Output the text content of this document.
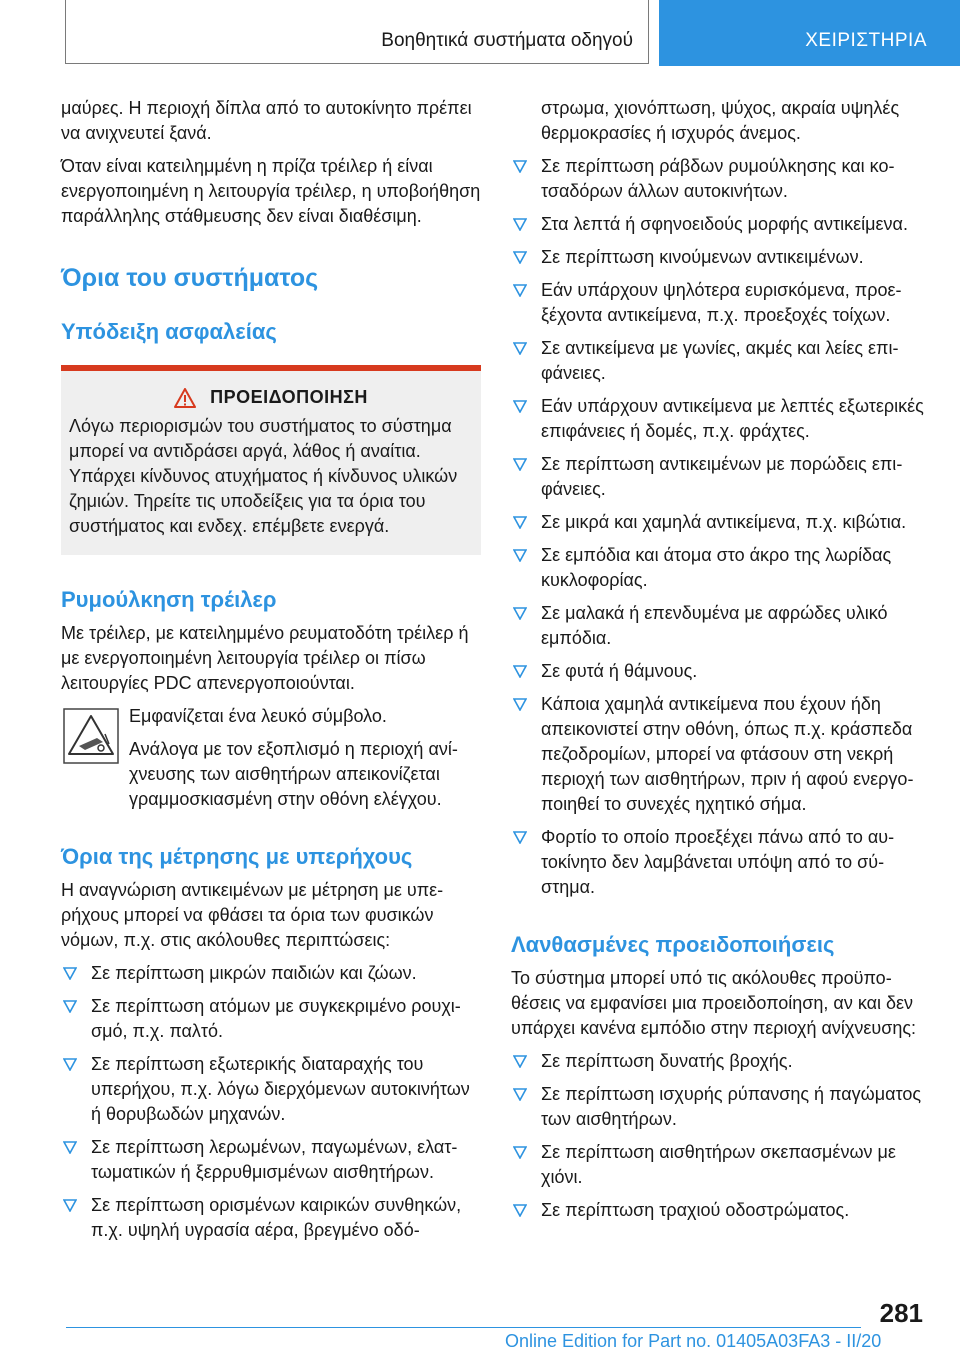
Βοηθητικά συστήματα οδηγού	ΧΕΙΡΙΣΤΗΡΙΑ

μαύρες. Η περιοχή δίπλα από το αυτοκίνητο πρέπει να ανιχνευτεί ξανά.

Όταν είναι κατειλημμένη η πρίζα τρέιλερ ή είναι ενεργοποιημένη η λειτουργία τρέιλερ, η υποβοήθηση παράλληλης στάθμευσης δεν είναι διαθέσιμη.

Όρια του συστήματος
Υπόδειξη ασφαλείας
ΠΡΟΕΙΔΟΠΟΙΗΣΗ

Λόγω περιορισμών του συστήματος το σύστημα μπορεί να αντιδράσει αργά, λάθος ή αναίτια. Υπάρχει κίνδυνος ατυχήματος ή κίνδυνος υλικών ζημιών. Τηρείτε τις υποδείξεις για τα όρια του συστήματος και ενδεχ. επέμβετε ενεργά.

Ρυμούλκηση τρέιλερ

Με τρέιλερ, με κατειλημμένο ρευματοδότη τρέιλερ ή με ενεργοποιημένη λειτουργία τρέιλερ οι πίσω λειτουργίες PDC απενεργοποιούνται.

Εμφανίζεται ένα λευκό σύμβολο.

Ανάλογα με τον εξοπλισμό η περιοχή ανίχνευσης των αισθητήρων απεικονίζεται γραμμοσκιασμένη στην οθόνη ελέγχου.

Όρια της μέτρησης με υπερήχους

Η αναγνώριση αντικειμένων με μέτρηση με υπερήχους μπορεί να φθάσει τα όρια των φυσικών νόμων, π.χ. στις ακόλουθες περιπτώσεις:

Σε περίπτωση μικρών παιδιών και ζώων.
Σε περίπτωση ατόμων με συγκεκριμένο ρουχισμό, π.χ. παλτό.
Σε περίπτωση εξωτερικής διαταραχής του υπερήχου, π.χ. λόγω διερχόμενων αυτοκινήτων ή θορυβωδών μηχανών.
Σε περίπτωση λερωμένων, παγωμένων, ελαττωματικών ή ξερρυθμισμένων αισθητήρων.
Σε περίπτωση ορισμένων καιρικών συνθηκών, π.χ. υψηλή υγρασία αέρα, βρεγμένο οδό-

στρωμα, χιονόπτωση, ψύχος, ακραία υψηλές θερμοκρασίες ή ισχυρός άνεμος.

Σε περίπτωση ράβδων ρυμούλκησης και κοτσαδόρων άλλων αυτοκινήτων.
Στα λεπτά ή σφηνοειδούς μορφής αντικείμενα.
Σε περίπτωση κινούμενων αντικειμένων.
Εάν υπάρχουν ψηλότερα ευρισκόμενα, προεξέχοντα αντικείμενα, π.χ. προεξοχές τοίχων.
Σε αντικείμενα με γωνίες, ακμές και λείες επιφάνειες.
Εάν υπάρχουν αντικείμενα με λεπτές εξωτερικές επιφάνειες ή δομές, π.χ. φράχτες.
Σε περίπτωση αντικειμένων με πορώδεις επιφάνειες.
Σε μικρά και χαμηλά αντικείμενα, π.χ. κιβώτια.
Σε εμπόδια και άτομα στο άκρο της λωρίδας κυκλοφορίας.
Σε μαλακά ή επενδυμένα με αφρώδες υλικό εμπόδια.
Σε φυτά ή θάμνους.
Κάποια χαμηλά αντικείμενα που έχουν ήδη απεικονιστεί στην οθόνη, όπως π.χ. κράσπεδα πεζοδρομίων, μπορεί να φτάσουν στη νεκρή περιοχή των αισθητήρων, πριν ή αφού ενεργοποιηθεί το συνεχές ηχητικό σήμα.
Φορτίο το οποίο προεξέχει πάνω από το αυτοκίνητο δεν λαμβάνεται υπόψη από το σύστημα.
Λανθασμένες προειδοποιήσεις

Το σύστημα μπορεί υπό τις ακόλουθες προϋποθέσεις να εμφανίσει μια προειδοποίηση, αν και δεν υπάρχει κανένα εμπόδιο στην περιοχή ανίχνευσης:

Σε περίπτωση δυνατής βροχής.
Σε περίπτωση ισχυρής ρύπανσης ή παγώματος των αισθητήρων.
Σε περίπτωση αισθητήρων σκεπασμένων με χιόνι.
Σε περίπτωση τραχιού οδοστρώματος.
281
Online Edition for Part no. 01405A03FA3 - II/20
